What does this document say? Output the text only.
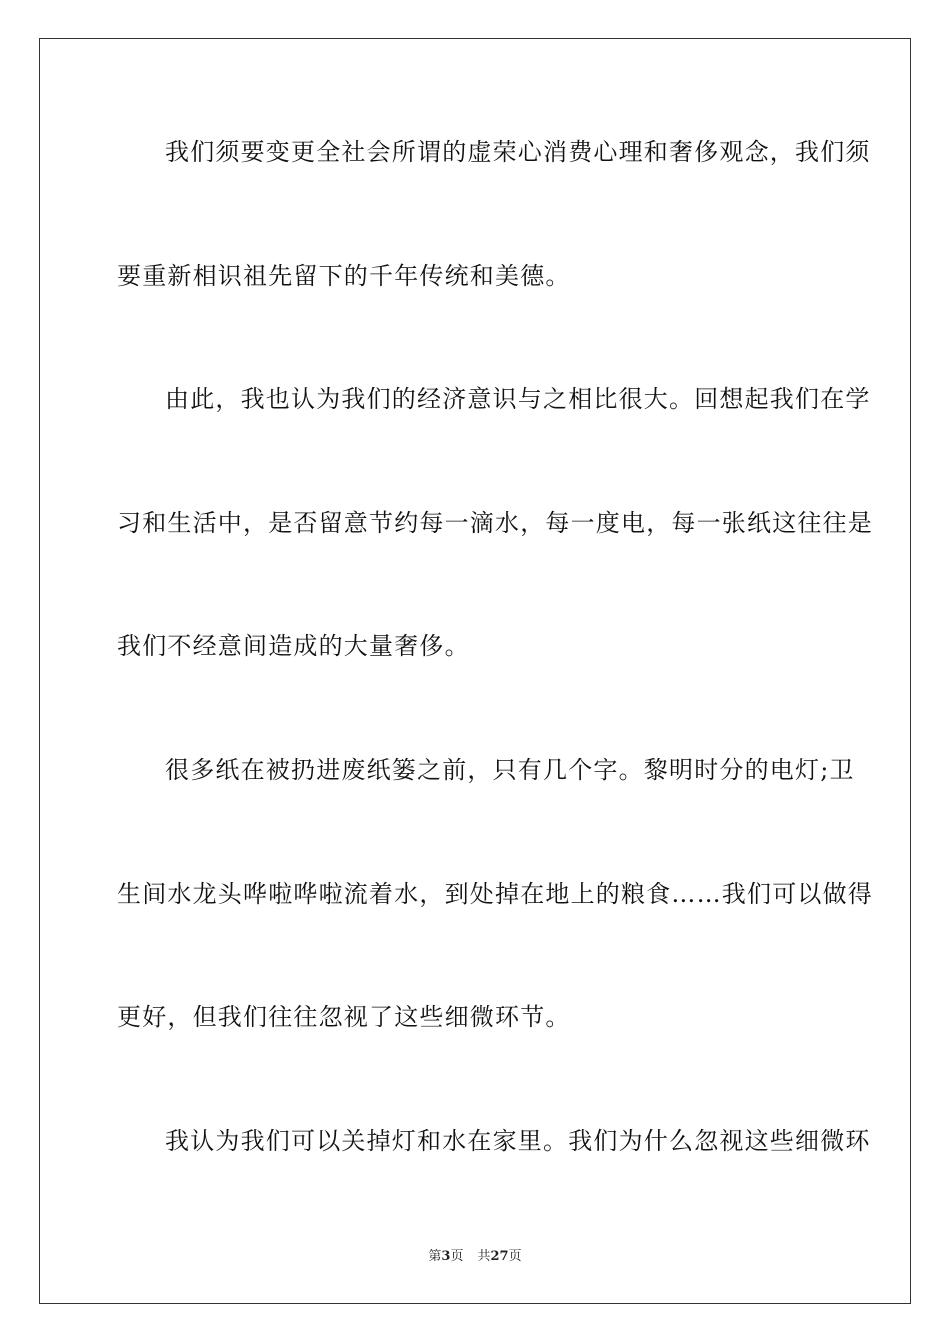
我们须要变更全社会所谓的虚荣心消费心理和奢侈观念，我们须
要重新相识祖先留下的千年传统和美德。
由此，我也认为我们的经济意识与之相比很大。回想起我们在学
习和生活中，是否留意节约每一滴水，每一度电，每一张纸这往往是
我们不经意间造成的大量奢侈。
很多纸在被扔进废纸篓之前，只有几个字。黎明时分的电灯;卫
生间水龙头哗啦哗啦流着水，到处掉在地上的粮食……我们可以做得
更好，但我们往往忽视了这些细微环节。
我认为我们可以关掉灯和水在家里。我们为什么忽视这些细微环
第3页 共27页
